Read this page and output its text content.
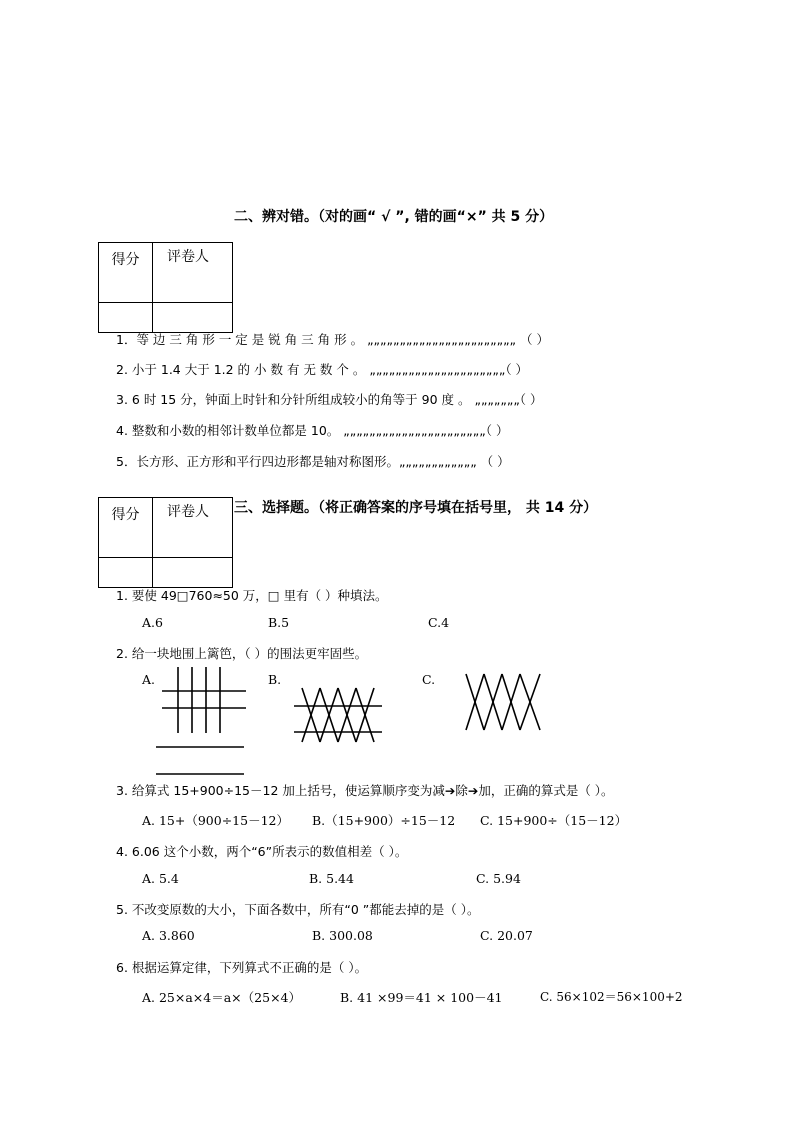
二、辨对错。（对的画“ √ ”, 错的画“×” 共 5 分）
得分	评卷人

1．等 边 三 角 形 一 定 是 锐 角 三 角 形 。 „„„„„„„„„„„„„„„„„„„„„„„ （ ）
2. 小于 1.4 大于 1.2 的 小 数 有 无 数 个 。 „„„„„„„„„„„„„„„„„„„„„（ ）
3. 6 时 15 分，钟面上时针和分针所组成较小的角等于 90 度 。 „„„„„„„（ ）
4. 整数和小数的相邻计数单位都是 10。 „„„„„„„„„„„„„„„„„„„„„„（ ）
5．长方形、正方形和平行四边形都是轴对称图形。„„„„„„„„„„„„ （ ）
得分	评卷人
	三、选择题。（将正确答案的序号填在括号里， 共 14 分）
1. 要使 49□760≈50 万，□ 里有（ ）种填法。
A.6	B.5	C.4
2. 给一块地围上篱笆，（ ）的围法更牢固些。
A.	B.	C.
3. 给算式 15+900÷15－12 加上括号，使运算顺序变为减➔除➔加，正确的算式是（ ）。
A. 15+（900÷15－12） B.（15+900）÷15－12 C. 15+900÷（15－12）
4. 6.06 这个小数，两个“6”所表示的数值相差（ ）。
A. 5.4	B. 5.44	C. 5.94
5. 不改变原数的大小，下面各数中，所有“0 ”都能去掉的是（ ）。
A. 3.860	B. 300.08	C. 20.07
6. 根据运算定律，下列算式不正确的是（ ）。
A. 25×a×4＝a×（25×4）	B. 41 ×99＝41 × 100－41	C. 56×102＝56×100+2
